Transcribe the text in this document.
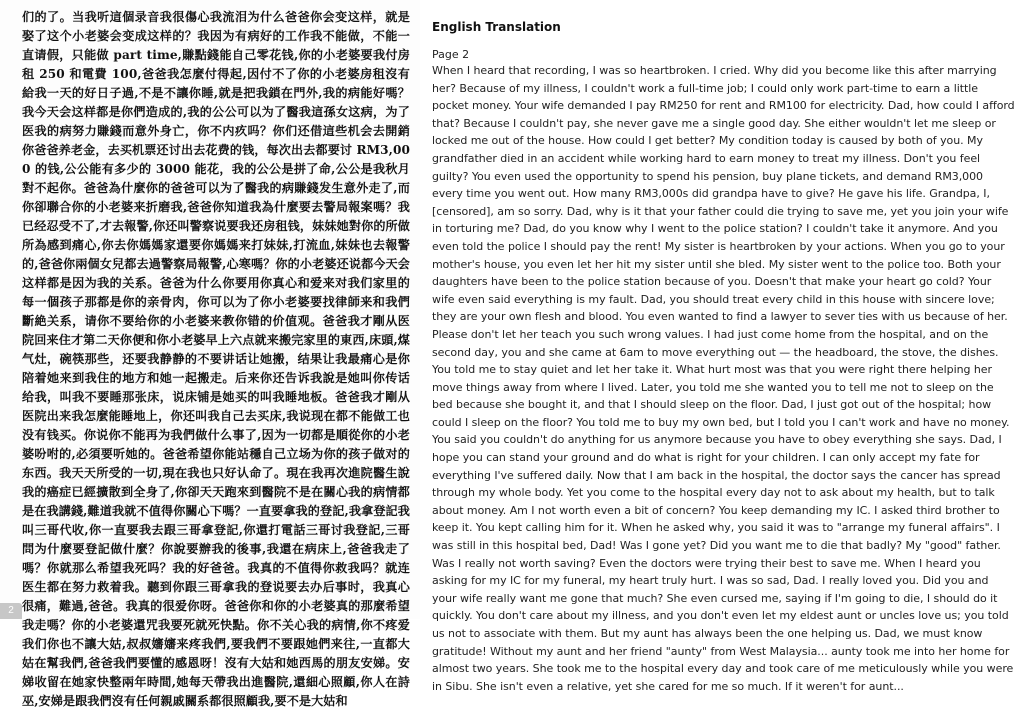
们的了。当我听這個录音我很傷心我流泪为什么爸爸你会变这样，就是娶了这个小老婆会变成这样的？我因为有病好的工作我不能做，不能一直请假，只能做 part time,賺點錢能自己零花钱,你的小老婆要我付房租 250 和電費 100,爸爸我怎麼付得起,因付不了你的小老婆房租沒有給我一天的好日子過,不是不讓你睡,就是把我鎖在門外,我的病能好嗎？我今天会这样都是你們造成的,我的公公可以为了醫我這孫女这病，为了医我的病努力賺錢而意外身亡，你不内疚吗？你们还借這些机会去開銷你爸爸养老金，去买机票还讨出去花费的钱，每次出去都要讨 RM3,000 的钱,公公能有多少的 3000 能花，我的公公是拼了命,公公是我秋月對不起你。爸爸為什麼你的爸爸可以为了醫我的病賺錢发生意外走了,而你卻聯合你的小老婆来折磨我,爸爸你知道我為什麼要去警局報案嗎？我已经忍受不了,才去報警,你还叫警察说要我还房租钱，妹妹她對你的所做所為感到痛心,你去你媽媽家還要你媽媽来打妹妹,打流血,妹妹也去報警的,爸爸你兩個女兒都去過警察局報警,心寒嗎？你的小老婆还说都今天会这样都是因为我的关系。爸爸为什么你要用你真心和爱来对我们家里的每一個孩子那都是你的亲骨肉，你可以为了你小老婆要找律師来和我們斷絶关系，请你不要给你的小老婆来教你错的价值观。爸爸我才剛从医院回来住才第二天你便和你小老婆早上六点就来搬完家里的東西,床頭,煤气灶，碗筷那些，还要我静静的不要讲话让她搬，结果让我最痛心是你陪着她来到我住的地方和她一起搬走。后来你还告诉我說是她叫你传话给我，叫我不要睡那张床，说床铺是她买的叫我睡地板。爸爸我才剛从医院出来我怎麼能睡地上，你还叫我自己去买床,我说现在都不能做工也没有钱买。你说你不能再为我們做什么事了,因为一切都是順從你的小老婆吩咐的,必須要听她的。爸爸希望你能站穩自己立场为你的孩子做对的东西。我天天所受的一切,現在我也只好认命了。現在我再次進院醫生說我的癌症已經擴散到全身了,你卻天天跑來到醫院不是在關心我的病情都是在我講錢,難道我就不值得你關心下嗎？一直要拿我的登記,我拿登記我叫三哥代收,你一直要我去跟三哥拿登記,你還打電話三哥讨我登記,三哥問为什麼要登記做什麼？你說要辦我的後事,我還在病床上,爸爸我走了嗎？你就那么希望我死吗？我的好爸爸。我真的不值得你救我吗？就连医生都在努力救着我。聽到你跟三哥拿我的登说要去办后事时，我真心很痛，難過,爸爸。我真的很爱你呀。爸爸你和你的小老婆真的那麼希望我走嗎？你的小老婆還咒我要死就死快點。你不关心我的病情,你不疼爱我们你也不讓大姑,叔叔嬸嬸来疼我們,要我們不要跟她們来往,一直都大姑在幫我們,爸爸我們要懂的感恩呀！沒有大姑和她西馬的朋友安娣。安娣收留在她家快整兩年時間,她每天帶我出進醫院,還細心照顧,你人在詩巫,安娣是跟我們沒有任何親戚關系都很照顧我,要不是大姑和

2
English Translation
Page 2
When I heard that recording, I was so heartbroken. I cried. Why did you become like this after marrying her? Because of my illness, I couldn't work a full-time job; I could only work part-time to earn a little pocket money. Your wife demanded I pay RM250 for rent and RM100 for electricity. Dad, how could I afford that? Because I couldn't pay, she never gave me a single good day. She either wouldn't let me sleep or locked me out of the house. How could I get better? My condition today is caused by both of you. My grandfather died in an accident while working hard to earn money to treat my illness. Don't you feel guilty? You even used the opportunity to spend his pension, buy plane tickets, and demand RM3,000 every time you went out. How many RM3,000s did grandpa have to give? He gave his life. Grandpa, I, [censored], am so sorry. Dad, why is it that your father could die trying to save me, yet you join your wife in torturing me? Dad, do you know why I went to the police station? I couldn't take it anymore. And you even told the police I should pay the rent! My sister is heartbroken by your actions. When you go to your mother's house, you even let her hit my sister until she bled. My sister went to the police too. Both your daughters have been to the police station because of you. Doesn't that make your heart go cold? Your wife even said everything is my fault. Dad, you should treat every child in this house with sincere love; they are your own flesh and blood. You even wanted to find a lawyer to sever ties with us because of her. Please don't let her teach you such wrong values. I had just come home from the hospital, and on the second day, you and she came at 6am to move everything out — the headboard, the stove, the dishes. You told me to stay quiet and let her take it. What hurt most was that you were right there helping her move things away from where I lived. Later, you told me she wanted you to tell me not to sleep on the bed because she bought it, and that I should sleep on the floor. Dad, I just got out of the hospital; how could I sleep on the floor? You told me to buy my own bed, but I told you I can't work and have no money. You said you couldn't do anything for us anymore because you have to obey everything she says. Dad, I hope you can stand your ground and do what is right for your children. I can only accept my fate for everything I've suffered daily. Now that I am back in the hospital, the doctor says the cancer has spread through my whole body. Yet you come to the hospital every day not to ask about my health, but to talk about money. Am I not worth even a bit of concern? You keep demanding my IC. I asked third brother to keep it. You kept calling him for it. When he asked why, you said it was to "arrange my funeral affairs". I was still in this hospital bed, Dad! Was I gone yet? Did you want me to die that badly? My "good" father. Was I really not worth saving? Even the doctors were trying their best to save me. When I heard you asking for my IC for my funeral, my heart truly hurt. I was so sad, Dad. I really loved you. Did you and your wife really want me gone that much? She even cursed me, saying if I'm going to die, I should do it quickly. You don't care about my illness, and you don't even let my eldest aunt or uncles love us; you told us not to associate with them. But my aunt has always been the one helping us. Dad, we must know gratitude! Without my aunt and her friend "aunty" from West Malaysia... aunty took me into her home for almost two years. She took me to the hospital every day and took care of me meticulously while you were in Sibu. She isn't even a relative, yet she cared for me so much. If it weren't for aunt...
